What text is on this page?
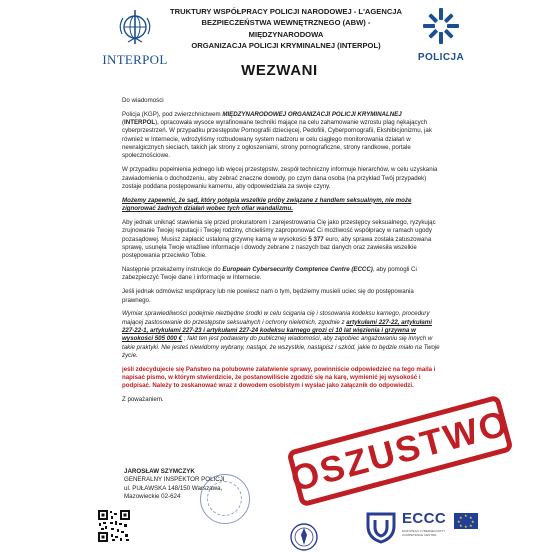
INTERPOL
TRUKTURY WSPÓŁPRACY POLICJI NARODOWEJ - L'AGENCJA
BEZPIECZEŃSTWA WEWNĘTRZNEGO (ABW) - MIĘDZYNARODOWA
ORGANIZACJA POLICJI KRYMINALNEJ (INTERPOL)
POLICJA
WEZWANI

Do wiadomości

Policja (KGP), pod zwierzchnictwem MIĘDZYNARODOWEJ ORGANIZACJI POLICJI KRYMINALNEJ (INTERPOL), opracowała wysoce wyrafinowane techniki mające na celu zahamowanie wzrostu plag nękających cyberprzestrzeń. W przypadku przestępstw Pornografii dziecięcej, Pedofilii, Cyberpornografii, Ekshibicjonizmu, jak również w Internecie, wdrożyliśmy rozbudowany system nadzoru w celu ciągłego monitorowania działań w newralgicznych sieciach, takich jak strony z ogłoszeniami, strony pornograficzne, strony randkowe, portale społecznościowe.

W przypadku popełnienia jednego lub więcej przestępstw, zespół techniczny informuje hierarchów, w celu uzyskania zawiadomienia o dochodzeniu, aby zebrać znaczne dowody, po czym dana osoba (na przykład Twój przypadek) zostaje poddana postępowaniu karnemu, aby odpowiedziała za swoje czyny.

Możemy zapewnić, że sąd, który potępia wszelkie próby związane z handlem seksualnym, nie może zignorować żadnych działań wobec tych ofiar wandalizmu.

Aby jednak uniknąć stawienia się przed prokuratorem i zarejestrowania Cię jako przestępcy seksualnego, ryzykując zrujnowanie Twojej reputacji i Twojej rodziny, chcieliśmy zaproponować Ci możliwość współpracy w ramach ugody pozasądowej. Musisz zapłacić ustaloną grzywnę karną w wysokości 5 377 euro, aby sprawa została zatuszowana sprawę, usunęła Twoje wrażliwe informacje i dowody zebrane z naszych baz danych oraz zawiesiła wszelkie postępowania przeciwko Tobie.

Następnie przekażemy instrukcje do European Cybersecurity Comptence Centre (ECCC), aby pomogli Ci zabezpieczyć Twoje dane i informacje w Internecie.

Jeśli jednak odmówisz współpracy lub nie powiesz nam o tym, będziemy musieli uciec się do postępowania prawnego.

Wymiar sprawiedliwości podejmie niezbędne środki w celu ścigania cię i stosowania kodeksu karnego, procedury mającej zastosowanie do przestępstw seksualnych i ochrony nieletnich, zgodnie z artykułami 227-22, artykułami 227-22-1, artykułami 227-23 i artykułami 227-24 kodeksu karnego grozi ci 10 lat więzienia i grzywna w wysokości 505 000 € ; fakt ten jest podawany do publicznej wiadomości, aby zapobiec angażowaniu się innych w takie praktyki. Nie jesteś niewidomy wybrany, nastąpi, że wszystkie, nastąpisz i szkód, jakie to będzie miało na Twoje życie.

jeśli zdecydujecie się Państwo na polubowne załatwienie sprawy, powinniście odpowiedzieć na tego maila i napisać pismo, w którym stwierdzicie, że postanowiliście zgodzić się na karę, wymienić jej wysokość i podpisać. Należy to zeskanować wraz z dowodem osobistym i wysłać jako załącznik do odpowiedzi.

Z poważaniem.

JAROSŁAW SZYMCZYK
GENERALNY INSPEKTOR POLICJI
ul. PUŁAWSKA 148/150 Warszawa,
Mazowieckie 02-624
ECCC
EUROPEAN CYBERSECURITY COMPETENCE CENTRE
★ ★
★
★
★
★
★
★
OSZUSTWO
